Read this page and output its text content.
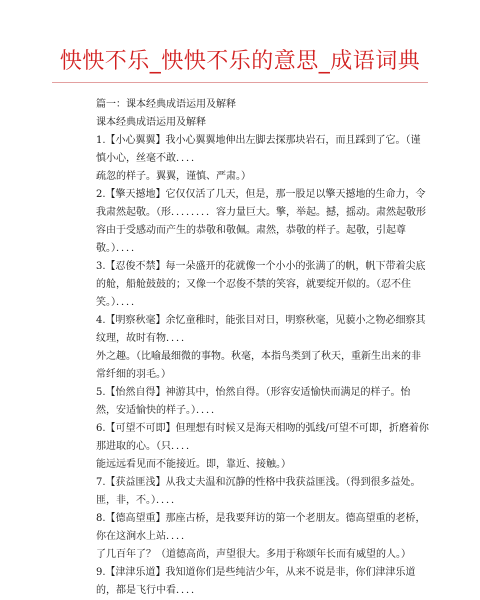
怏怏不乐_怏怏不乐的意思_成语词典

篇一：课本经典成语运用及解释

课本经典成语运用及解释

1.【小心翼翼】我小心翼翼地伸出左脚去探那块岩石，而且踩到了它。（谨慎小心，丝毫不敢．．．．

疏忽的样子。翼翼，谨慎、严肃。）

2.【擎天撼地】它仅仅活了几天，但是，那一股足以擎天撼地的生命力，令我肃然起敬。（形．．．．．．．．容力量巨大。擎，举起。撼，摇动。肃然起敬形容由于受感动而产生的恭敬和敬佩。肃然，恭敬的样子。起敬，引起尊敬。）．．．．

3.【忍俊不禁】每一朵盛开的花就像一个小小的张满了的帆，帆下带着尖底的舱，船舱鼓鼓的；又像一个忍俊不禁的笑容，就要绽开似的。（忍不住笑。）．．．．

4.【明察秋毫】余忆童稚时，能张目对日，明察秋毫，见藐小之物必细察其纹理，故时有物．．．．

外之趣。（比喻最细微的事物。秋毫，本指鸟类到了秋天，重新生出来的非常纤细的羽毛。）

5.【怡然自得】神游其中，怡然自得。（形容安适愉快而满足的样子。怡然，安适愉快的样子。）．．．．

6.【可望不可即】但理想有时候又是海天相吻的弧线/可望不可即，折磨着你那进取的心。（只．．．．

能远远看见而不能接近。即，靠近、接触。）

7.【获益匪浅】从我丈夫温和沉静的性格中我获益匪浅。（得到很多益处。匪，非，不。）．．．．

8.【德高望重】那座古桥，是我要拜访的第一个老朋友。德高望重的老桥，你在这涧水上站．．．．

了几百年了？（道德高尚，声望很大。多用于称颂年长而有威望的人。）

9.【津津乐道】我知道你们是些纯洁少年，从来不说是非，你们津津乐道的，都是飞行中看．．．．
